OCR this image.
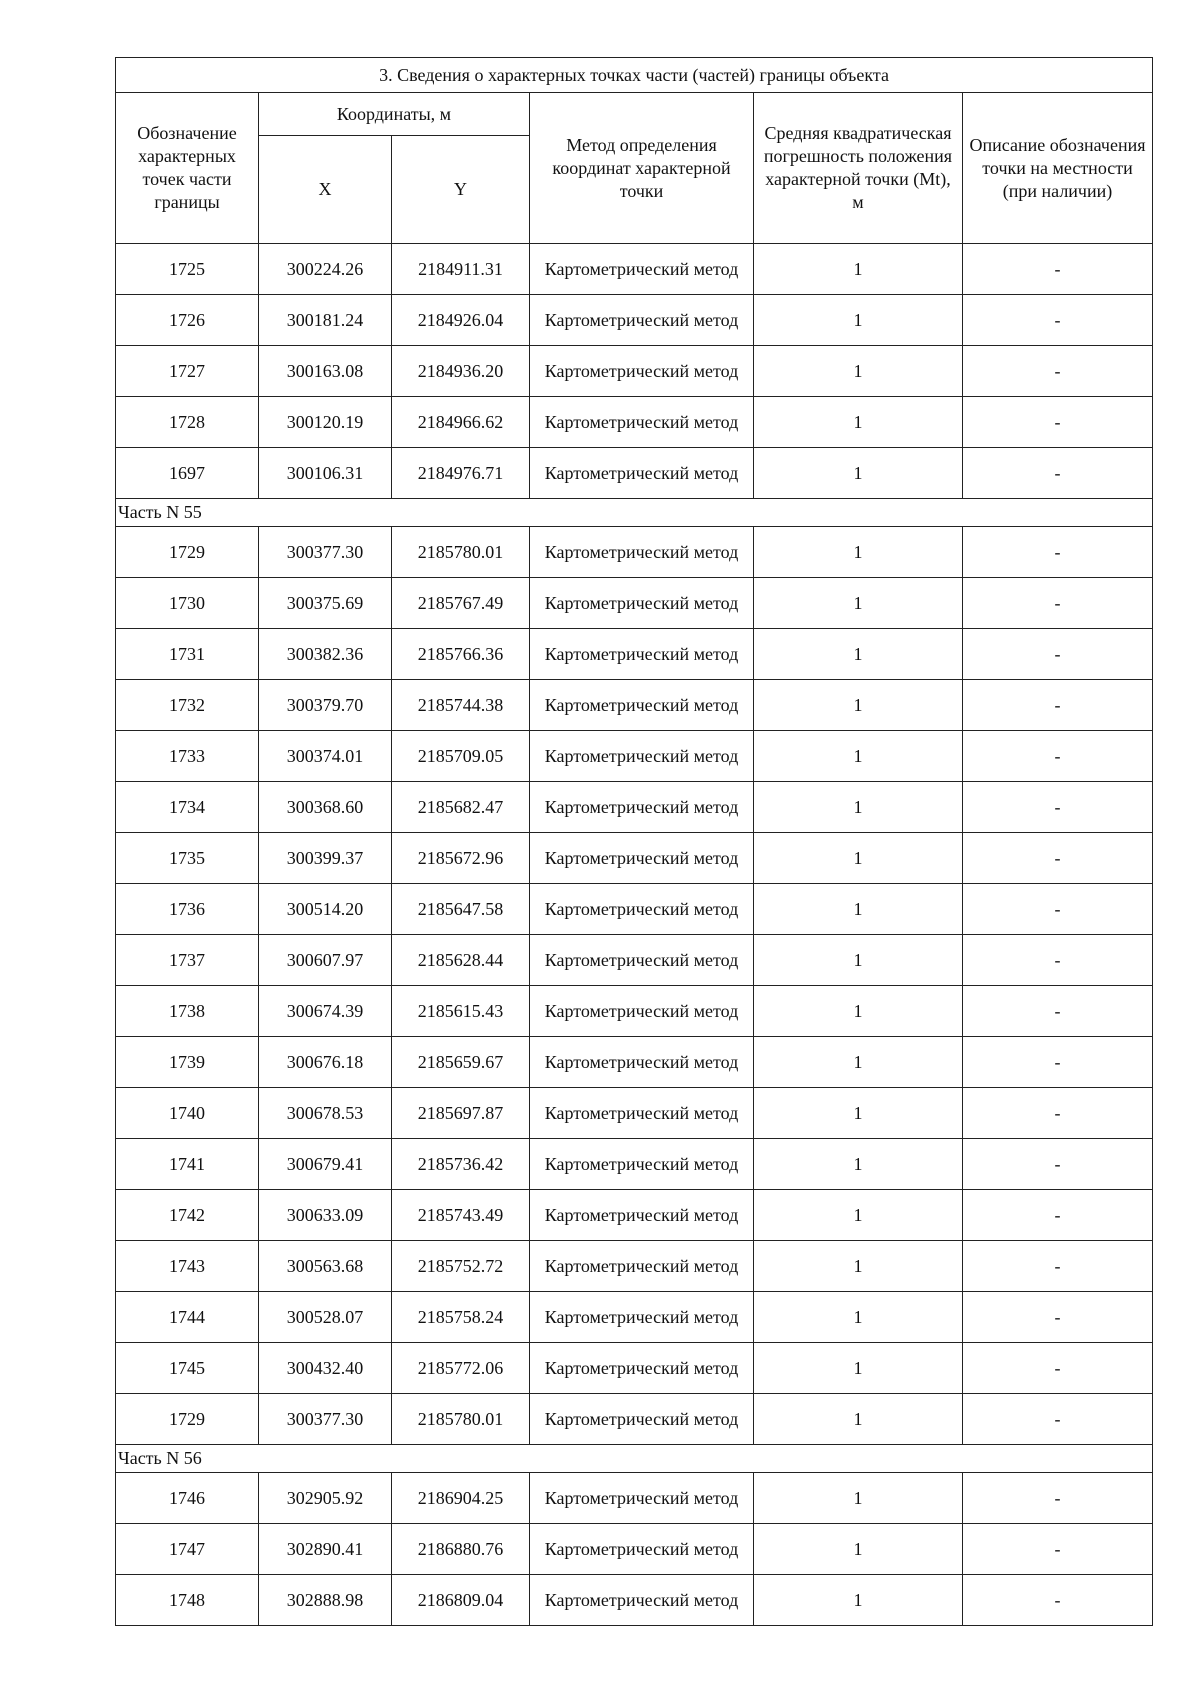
3. Сведения о характерных точках части (частей) границы объекта					
Обозначение характерных точек части границы	Координаты, м		Метод определения координат характерной точки	Средняя квадратическая погрешность положения характерной точки (Mt), м	Описание обозначения точки на местности (при наличии)
	X	Y			
1725	300224.26	2184911.31	Картометрический метод	1	-
1726	300181.24	2184926.04	Картометрический метод	1	-
1727	300163.08	2184936.20	Картометрический метод	1	-
1728	300120.19	2184966.62	Картометрический метод	1	-
1697	300106.31	2184976.71	Картометрический метод	1	-
Часть N 55					
1729	300377.30	2185780.01	Картометрический метод	1	-
1730	300375.69	2185767.49	Картометрический метод	1	-
1731	300382.36	2185766.36	Картометрический метод	1	-
1732	300379.70	2185744.38	Картометрический метод	1	-
1733	300374.01	2185709.05	Картометрический метод	1	-
1734	300368.60	2185682.47	Картометрический метод	1	-
1735	300399.37	2185672.96	Картометрический метод	1	-
1736	300514.20	2185647.58	Картометрический метод	1	-
1737	300607.97	2185628.44	Картометрический метод	1	-
1738	300674.39	2185615.43	Картометрический метод	1	-
1739	300676.18	2185659.67	Картометрический метод	1	-
1740	300678.53	2185697.87	Картометрический метод	1	-
1741	300679.41	2185736.42	Картометрический метод	1	-
1742	300633.09	2185743.49	Картометрический метод	1	-
1743	300563.68	2185752.72	Картометрический метод	1	-
1744	300528.07	2185758.24	Картометрический метод	1	-
1745	300432.40	2185772.06	Картометрический метод	1	-
1729	300377.30	2185780.01	Картометрический метод	1	-
Часть N 56					
1746	302905.92	2186904.25	Картометрический метод	1	-
1747	302890.41	2186880.76	Картометрический метод	1	-
1748	302888.98	2186809.04	Картометрический метод	1	-
